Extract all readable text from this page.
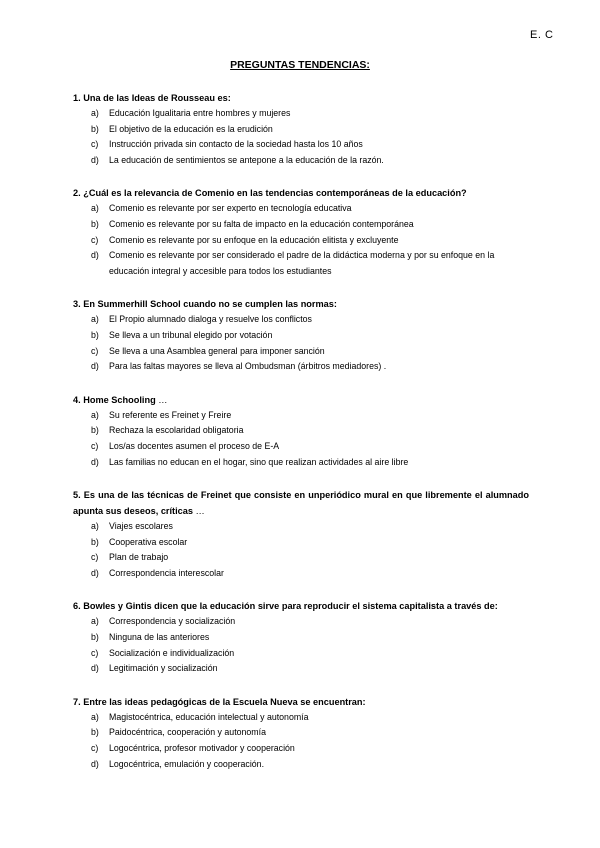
E. C
PREGUNTAS TENDENCIAS:
1. Una de las Ideas de Rousseau es:
a)	Educación Igualitaria entre hombres y mujeres
b)	El objetivo de la educación es la erudición
c)	Instrucción privada sin contacto de la sociedad hasta los 10 años
d)	La educación de sentimientos se antepone a la educación de la razón.
2. ¿Cuál es la relevancia de Comenio en las tendencias contemporáneas de la educación?
a)	Comenio es relevante por ser experto en tecnología educativa
b)	Comenio es relevante por su falta de impacto en la educación contemporánea
c)	Comenio es relevante por su enfoque en la educación elitista y excluyente
d)	Comenio es relevante por ser considerado el padre de la didáctica moderna y por su enfoque en la educación integral y accesible para todos los estudiantes
3. En Summerhill School cuando no se cumplen las normas:
a)	El Propio alumnado dialoga y resuelve los conflictos
b)	Se lleva a un tribunal elegido por votación
c)	Se lleva a una Asamblea general para imponer sanción
d)	Para las faltas mayores se lleva al Ombudsman (árbitros mediadores) .
4. Home Schooling …
a)	Su referente es Freinet y Freire
b)	Rechaza la escolaridad obligatoria
c)	Los/as docentes asumen el proceso de E-A
d)	Las familias no educan en el hogar, sino que realizan actividades al aire libre
5. Es una de las técnicas de Freinet que consiste en unperiódico mural en que libremente el alumnado apunta sus deseos, críticas …
a)	Viajes escolares
b)	Cooperativa escolar
c)	Plan de trabajo
d)	Correspondencia interescolar
6. Bowles y Gintis dicen que la educación sirve para reproducir el sistema capitalista a través de:
a)	Correspondencia y socialización
b)	Ninguna de las anteriores
c)	Socialización e individualización
d)	Legitimación y socialización
7. Entre las ideas pedagógicas de la Escuela Nueva se encuentran:
a)	Magistocéntrica, educación intelectual y autonomía
b)	Paidocéntrica, cooperación y autonomía
c)	Logocéntrica, profesor motivador y cooperación
d)	Logocéntrica, emulación y cooperación.
